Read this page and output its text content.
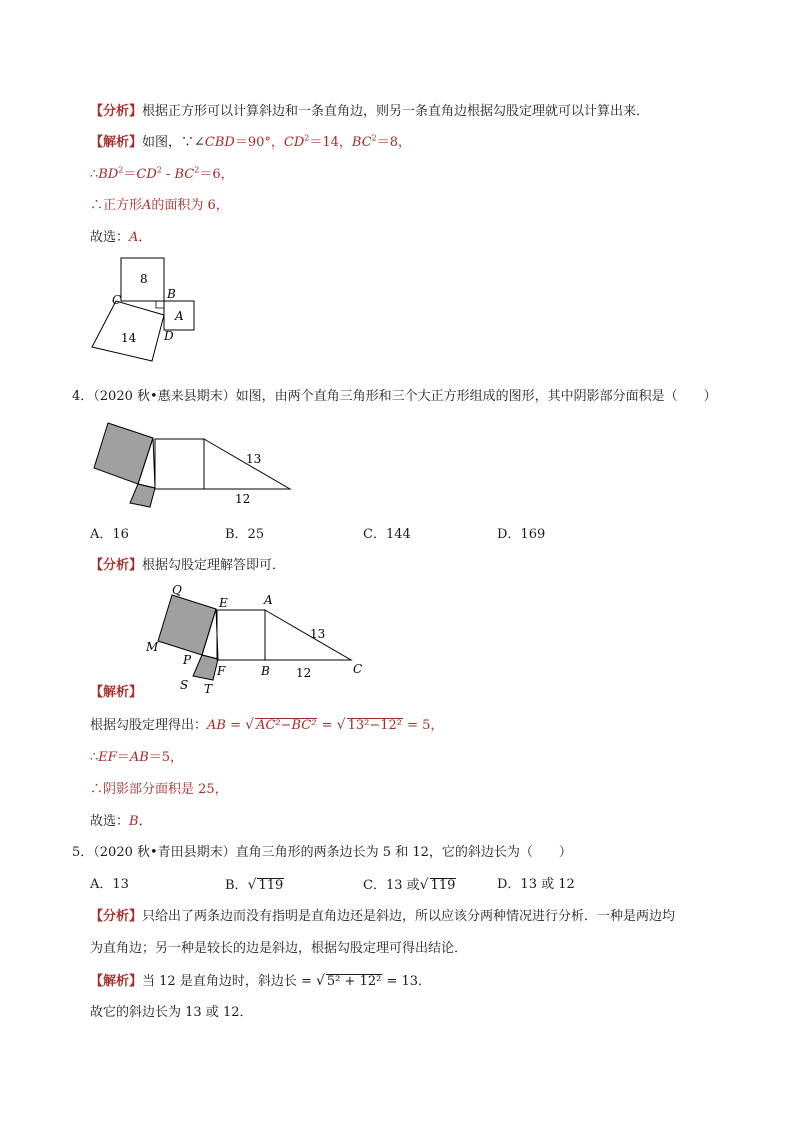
【分析】根据正方形可以计算斜边和一条直角边，则另一条直角边根据勾股定理就可以计算出来．
【解析】如图，∵∠CBD＝90°，$CD^2=14$，$BC^2=8$，
$\therefore BD^2=CD^2 - BC^2=6$，
∴正方形A的面积为 6，
故选：A．
8
14
A
C	B
D
4．（2020 秋•惠来县期末）如图，由两个直角三角形和三个大正方形组成的图形，其中阴影部分面积是（　　）
13
12
A．16	B．25	C．144	D．169
【分析】根据勾股定理解答即可．
Q
E	A
M
P
F	B	C
S T
13
12
【解析】
根据勾股定理得出：AB = √ AC²−BC² = √ 13²−12² = 5，
∴EF＝AB＝5，
∴阴影部分面积是 25，
故选：B．
5．（2020 秋•青田县期末）直角三角形的两条边长为 5 和 12，它的斜边长为（　　）
A．13	B．√ 119	C．13 或√ 119	D．13 或 12
【分析】只给出了两条边而没有指明是直角边还是斜边，所以应该分两种情况进行分析．一种是两边均
为直角边；另一种是较长的边是斜边，根据勾股定理可得出结论．
【解析】当 12 是直角边时，斜边长 = √ 5² + 12² = 13．
故它的斜边长为 13 或 12．
